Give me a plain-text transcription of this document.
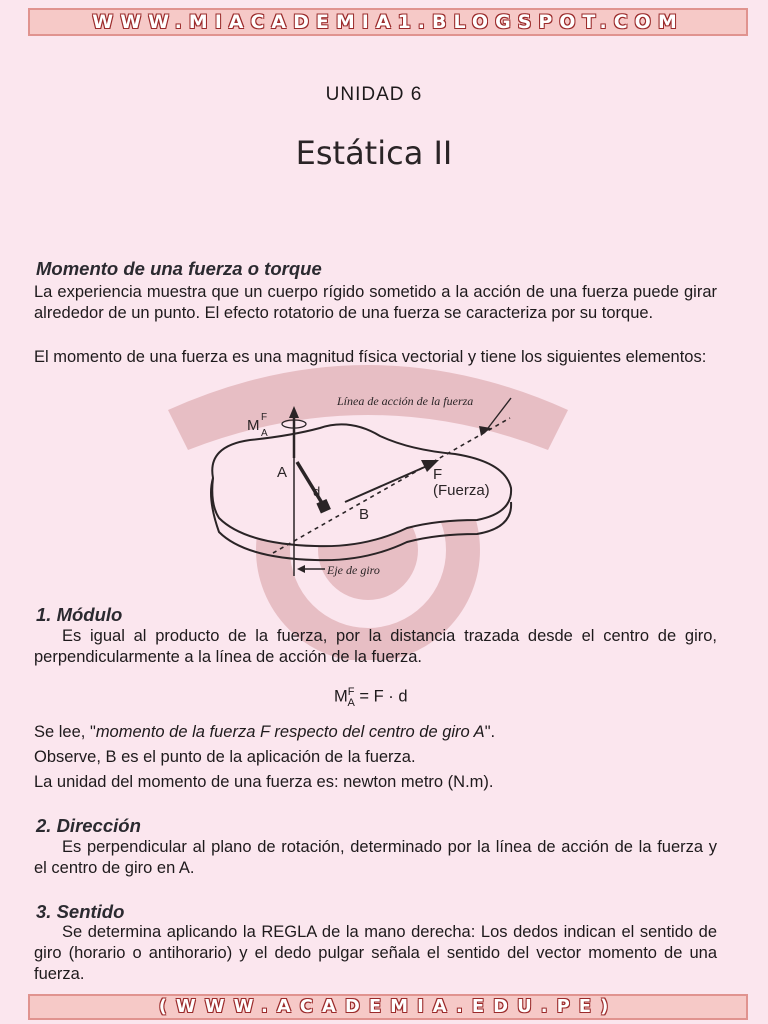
WWW.MIACADEMIA1.BLOGSPOT.COM
UNIDAD 6
Estática II
Momento de una fuerza o torque

La experiencia muestra que un cuerpo rígido sometido a la acción de una fuerza puede girar alrededor de un punto. El efecto rotatorio de una fuerza se caracteriza por su torque.

El momento de una fuerza es una magnitud física vectorial y tiene los siguientes elementos:

Línea de acción de la fuerza
M F
A
A
d
B
F
(Fuerza)
Eje de giro
1. Módulo

Es igual al producto de la fuerza, por la distancia trazada desde el centro de giro, perpendicularmente a la línea de acción de la fuerza.

$M^F_A = F \cdot d$

Se lee, "momento de la fuerza F respecto del centro de giro A".

Observe, B es el punto de la aplicación de la fuerza.

La unidad del momento de una fuerza es: newton metro (N.m).

2. Dirección

Es perpendicular al plano de rotación, determinado por la línea de acción de la fuerza y el centro de giro en A.

3. Sentido

Se determina aplicando la REGLA de la mano derecha: Los dedos indican el sentido de giro (horario o antihorario) y el dedo pulgar señala el sentido del vector momento de una fuerza.

(WWW.ACADEMIA.EDU.PE)
